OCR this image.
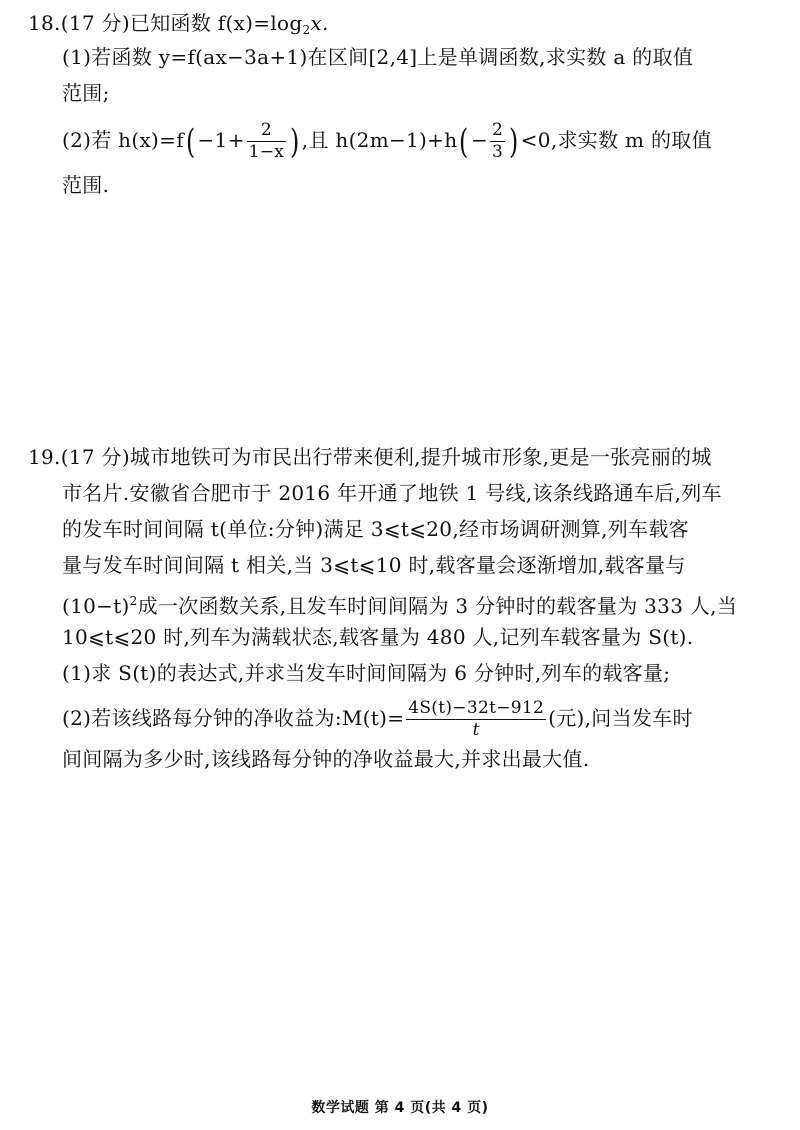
18.(17 分)已知函数 $f(x)=\log_2x$.
(1)若函数 y=f(ax−3a+1)在区间[2,4]上是单调函数,求实数 a 的取值
范围;
(2)若 $h(x)=f( -1+ \frac{2}{1-x}$ ) ,且 $h(2m-1)+h( - \frac{2}{3}$ ) <0,求实数 m 的取值
范围.
19.(17 分)城市地铁可为市民出行带来便利,提升城市形象,更是一张亮丽的城
市名片.安徽省合肥市于 2016 年开通了地铁 1 号线,该条线路通车后,列车
的发车时间间隔 t(单位:分钟)满足 3⩽t⩽20,经市场调研测算,列车载客
量与发车时间间隔 t 相关,当 3⩽t⩽10 时,载客量会逐渐增加,载客量与
$(10-t)^2$成一次函数关系,且发车时间间隔为 3 分钟时的载客量为 333 人,当
10⩽t⩽20 时,列车为满载状态,载客量为 480 人,记列车载客量为 S(t).
(1)求 S(t)的表达式,并求当发车时间间隔为 6 分钟时,列车的载客量;
(2)若该线路每分钟的净收益为:M(t)= $\frac{4S(t)-32t-912}{t}$ (元),问当发车时
间间隔为多少时,该线路每分钟的净收益最大,并求出最大值.
数学试题 第 4 页(共 4 页)
